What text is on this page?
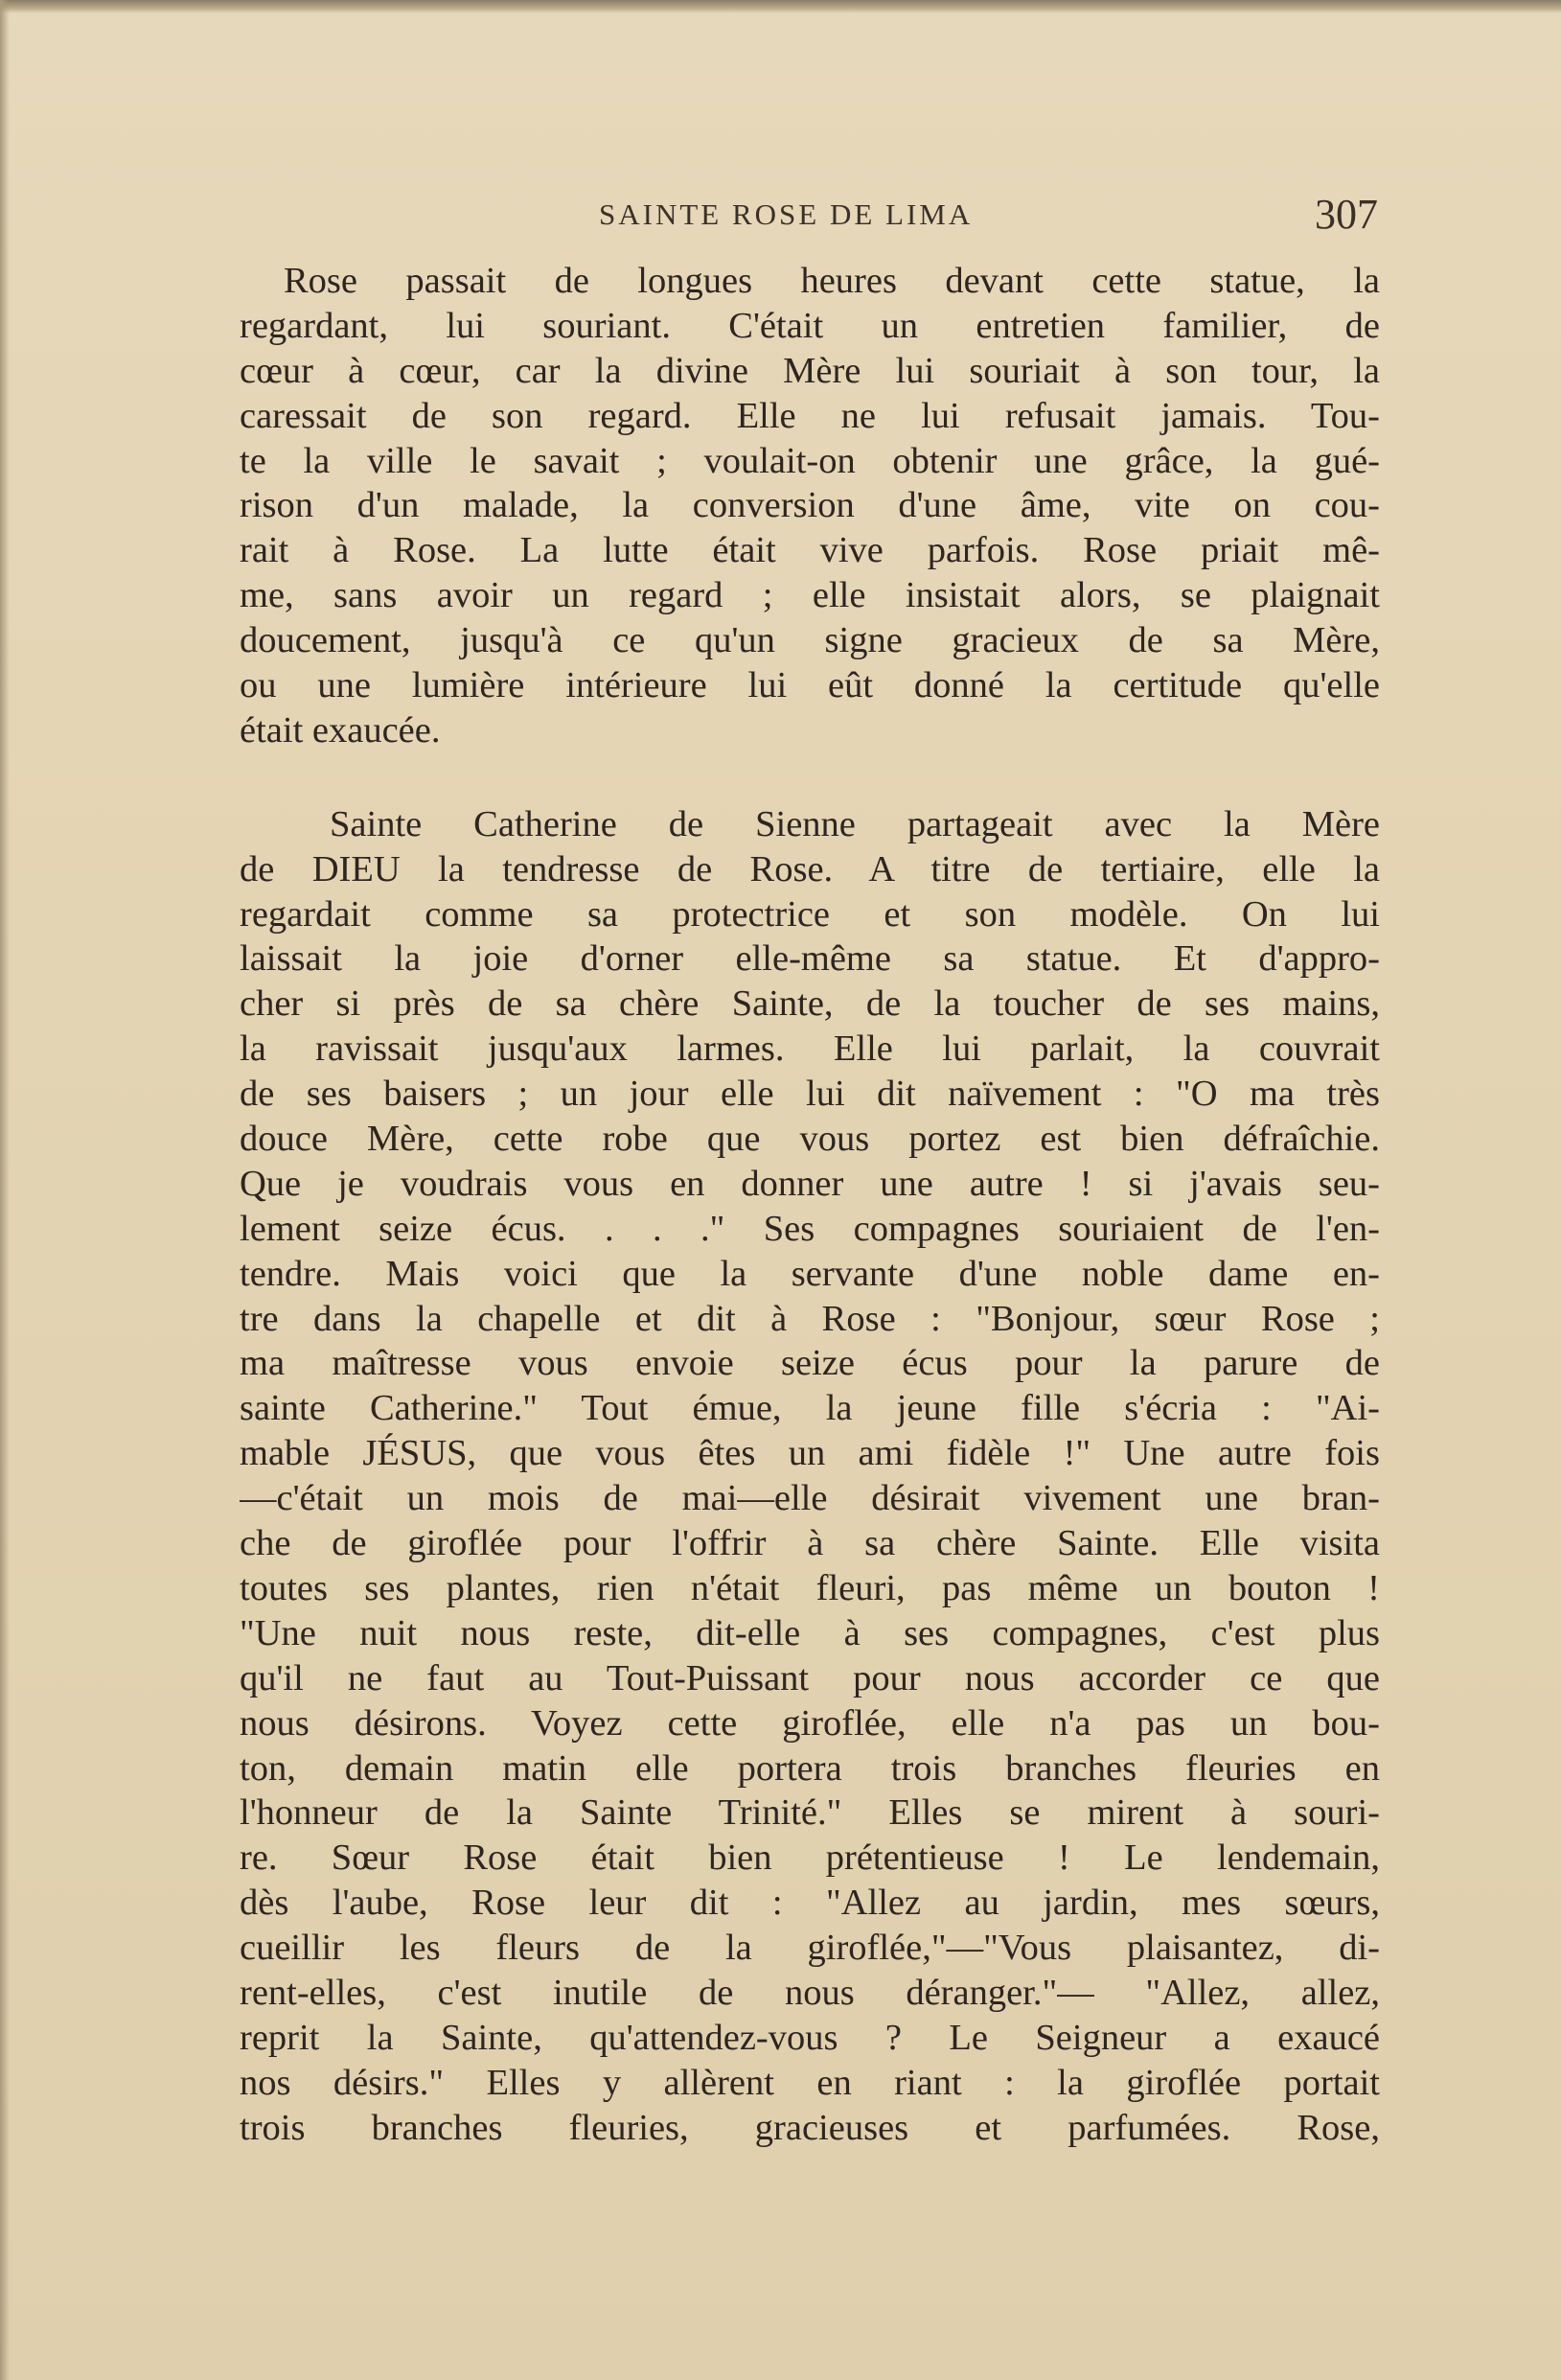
SAINTE ROSE DE LIMA	307
Rose passait de longues heures devant cette statue, la
regardant, lui souriant. C'était un entretien familier, de
cœur à cœur, car la divine Mère lui souriait à son tour, la
caressait de son regard. Elle ne lui refusait jamais. Tou-
te la ville le savait ; voulait-on obtenir une grâce, la gué-
rison d'un malade, la conversion d'une âme, vite on cou-
rait à Rose. La lutte était vive parfois. Rose priait mê-
me, sans avoir un regard ; elle insistait alors, se plaignait
doucement, jusqu'à ce qu'un signe gracieux de sa Mère,
ou une lumière intérieure lui eût donné la certitude qu'elle
était exaucée.
Sainte Catherine de Sienne partageait avec la Mère
de DIEU la tendresse de Rose. A titre de tertiaire, elle la
regardait comme sa protectrice et son modèle. On lui
laissait la joie d'orner elle-même sa statue. Et d'appro-
cher si près de sa chère Sainte, de la toucher de ses mains,
la ravissait jusqu'aux larmes. Elle lui parlait, la couvrait
de ses baisers ; un jour elle lui dit naïvement : "O ma très
douce Mère, cette robe que vous portez est bien défraîchie.
Que je voudrais vous en donner une autre ! si j'avais seu-
lement seize écus. . . ." Ses compagnes souriaient de l'en-
tendre. Mais voici que la servante d'une noble dame en-
tre dans la chapelle et dit à Rose : "Bonjour, sœur Rose ;
ma maîtresse vous envoie seize écus pour la parure de
sainte Catherine." Tout émue, la jeune fille s'écria : "Ai-
mable JÉSUS, que vous êtes un ami fidèle !" Une autre fois
—c'était un mois de mai—elle désirait vivement une bran-
che de giroflée pour l'offrir à sa chère Sainte. Elle visita
toutes ses plantes, rien n'était fleuri, pas même un bouton !
"Une nuit nous reste, dit-elle à ses compagnes, c'est plus
qu'il ne faut au Tout-Puissant pour nous accorder ce que
nous désirons. Voyez cette giroflée, elle n'a pas un bou-
ton, demain matin elle portera trois branches fleuries en
l'honneur de la Sainte Trinité." Elles se mirent à souri-
re. Sœur Rose était bien prétentieuse ! Le lendemain,
dès l'aube, Rose leur dit : "Allez au jardin, mes sœurs,
cueillir les fleurs de la giroflée,"—"Vous plaisantez, di-
rent-elles, c'est inutile de nous déranger."— "Allez, allez,
reprit la Sainte, qu'attendez-vous ? Le Seigneur a exaucé
nos désirs." Elles y allèrent en riant : la giroflée portait
trois branches fleuries, gracieuses et parfumées. Rose,
